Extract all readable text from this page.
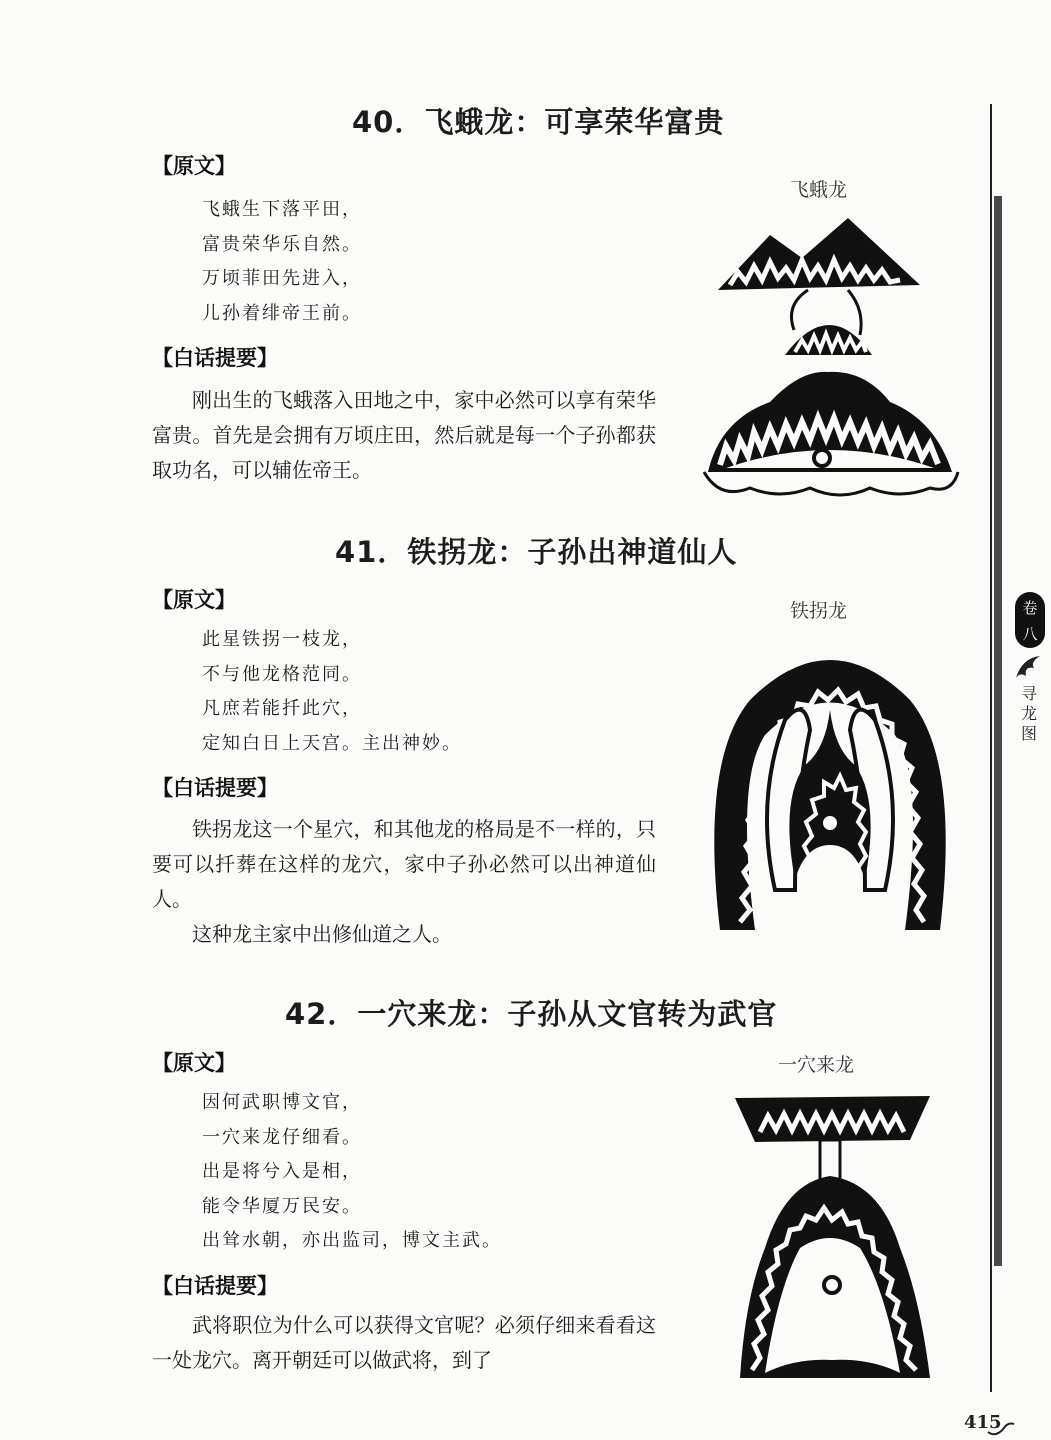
40．飞蛾龙：可享荣华富贵
【原文】
飞蛾生下落平田，
富贵荣华乐自然。
万顷菲田先进入，
儿孙着绯帝王前。
【白话提要】

刚出生的飞蛾落入田地之中，家中必然可以享有荣华富贵。首先是会拥有万顷庄田，然后就是每一个子孙都获取功名，可以辅佐帝王。

飞蛾龙
41．铁拐龙：子孙出神道仙人
【原文】
此星铁拐一枝龙，
不与他龙格范同。
凡庶若能扦此穴，
定知白日上天宫。主出神妙。
【白话提要】

铁拐龙这一个星穴，和其他龙的格局是不一样的，只要可以扦葬在这样的龙穴，家中子孙必然可以出神道仙人。

这种龙主家中出修仙道之人。

铁拐龙
42．一穴来龙：子孙从文官转为武官
【原文】
因何武职博文官，
一穴来龙仔细看。
出是将兮入是相，
能令华厦万民安。
出耸水朝，亦出监司，博文主武。
【白话提要】

武将职位为什么可以获得文官呢？必须仔细来看看这一处龙穴。离开朝廷可以做武将，到了

一穴来龙
卷
八
寻
龙
图
415
